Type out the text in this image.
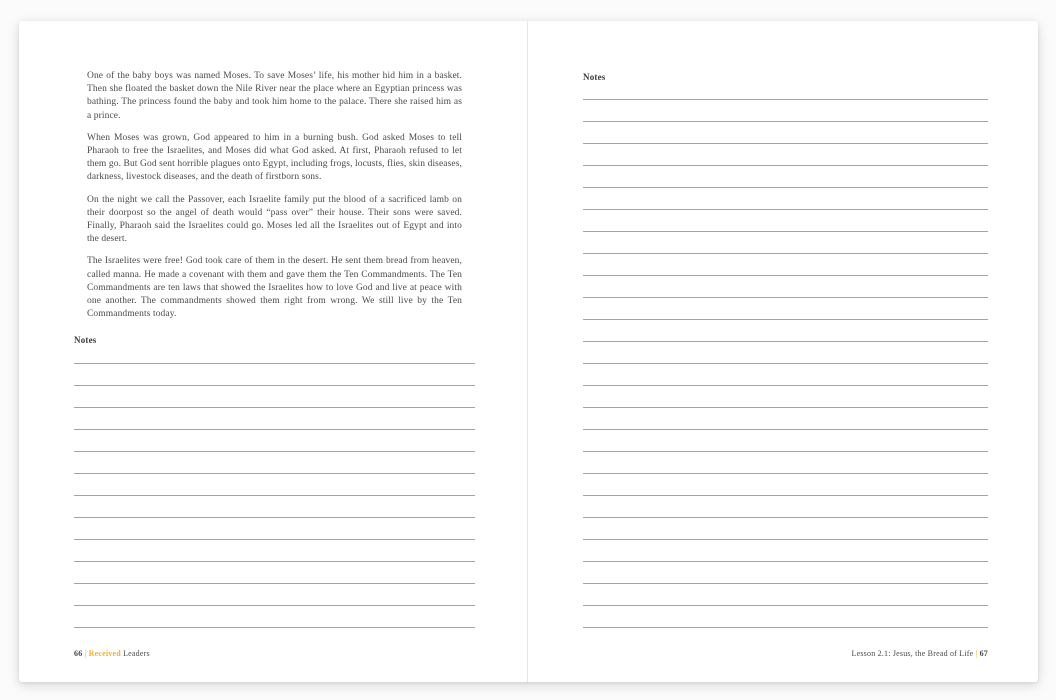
One of the baby boys was named Moses. To save Moses’ life, his mother hid him in a basket. Then she floated the basket down the Nile River near the place where an Egyptian princess was bathing. The princess found the baby and took him home to the palace. There she raised him as a prince.

When Moses was grown, God appeared to him in a burning bush. God asked Moses to tell Pharaoh to free the Israelites, and Moses did what God asked. At first, Pharaoh refused to let them go. But God sent horrible plagues onto Egypt, including frogs, locusts, flies, skin diseases, darkness, livestock diseases, and the death of firstborn sons.

On the night we call the Passover, each Israelite family put the blood of a sacrificed lamb on their doorpost so the angel of death would “pass over” their house. Their sons were saved. Finally, Pharaoh said the Israelites could go. Moses led all the Israelites out of Egypt and into the desert.

The Israelites were free! God took care of them in the desert. He sent them bread from heaven, called manna. He made a covenant with them and gave them the Ten Commandments. The Ten Commandments are ten laws that showed the Israelites how to love God and live at peace with one another. The commandments showed them right from wrong. We still live by the Ten Commandments today.

Notes
66 | Received Leaders
Notes
Lesson 2.1: Jesus, the Bread of Life | 67
